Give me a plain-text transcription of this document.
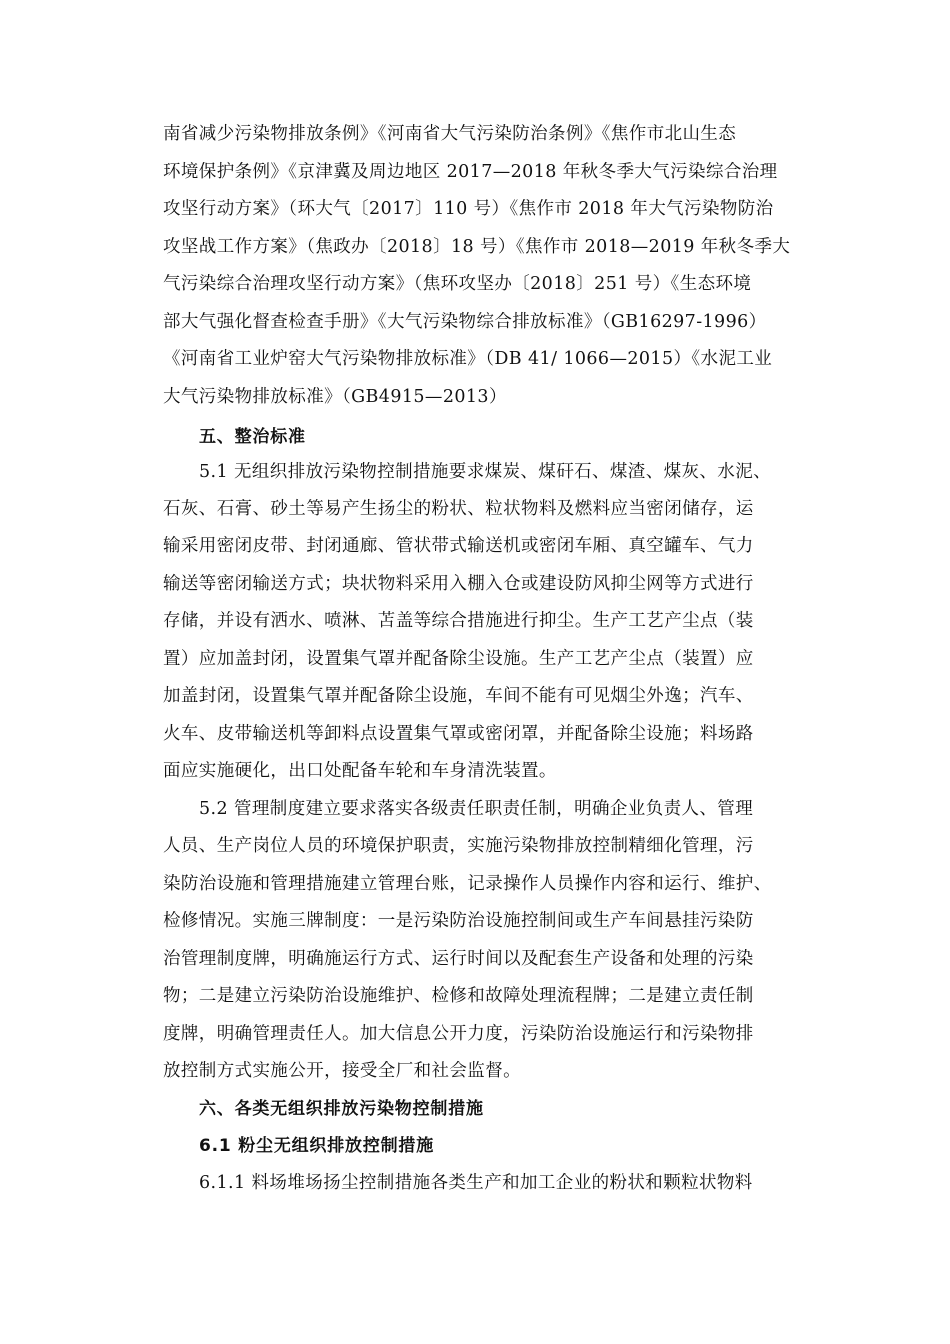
南省减少污染物排放条例》《河南省大气污染防治条例》《焦作市北山生态
环境保护条例》《京津冀及周边地区 2017—2018 年秋冬季大气污染综合治理
攻坚行动方案》（环大气〔2017〕110 号）《焦作市 2018 年大气污染物防治
攻坚战工作方案》（焦政办〔2018〕18 号）《焦作市 2018—2019 年秋冬季大
气污染综合治理攻坚行动方案》（焦环攻坚办〔2018〕251 号）《生态环境
部大气强化督查检查手册》《大气污染物综合排放标准》（GB16297-1996）
《河南省工业炉窑大气污染物排放标准》（DB 41/ 1066—2015）《水泥工业
大气污染物排放标准》（GB4915—2013）
五、整治标准
5.1 无组织排放污染物控制措施要求煤炭、煤矸石、煤渣、煤灰、水泥、
石灰、石膏、砂土等易产生扬尘的粉状、粒状物料及燃料应当密闭储存，运
输采用密闭皮带、封闭通廊、管状带式输送机或密闭车厢、真空罐车、气力
输送等密闭输送方式；块状物料采用入棚入仓或建设防风抑尘网等方式进行
存储，并设有洒水、喷淋、苫盖等综合措施进行抑尘。生产工艺产尘点（装
置）应加盖封闭，设置集气罩并配备除尘设施。生产工艺产尘点（装置）应
加盖封闭，设置集气罩并配备除尘设施，车间不能有可见烟尘外逸；汽车、
火车、皮带输送机等卸料点设置集气罩或密闭罩，并配备除尘设施；料场路
面应实施硬化，出口处配备车轮和车身清洗装置。
5.2 管理制度建立要求落实各级责任职责任制，明确企业负责人、管理
人员、生产岗位人员的环境保护职责，实施污染物排放控制精细化管理，污
染防治设施和管理措施建立管理台账，记录操作人员操作内容和运行、维护、
检修情况。实施三牌制度：一是污染防治设施控制间或生产车间悬挂污染防
治管理制度牌，明确施运行方式、运行时间以及配套生产设备和处理的污染
物；二是建立污染防治设施维护、检修和故障处理流程牌；二是建立责任制
度牌，明确管理责任人。加大信息公开力度，污染防治设施运行和污染物排
放控制方式实施公开，接受全厂和社会监督。
六、各类无组织排放污染物控制措施
6.1 粉尘无组织排放控制措施
6.1.1 料场堆场扬尘控制措施各类生产和加工企业的粉状和颗粒状物料
